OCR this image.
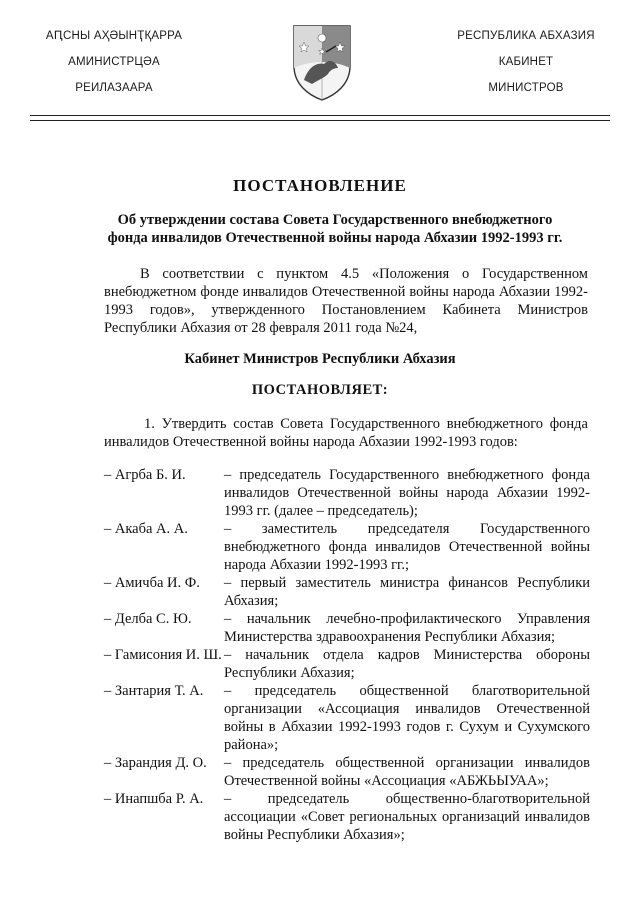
АԤСНЫ АҲӘЫНҬҚАРРА
АМИНИСТРЦӘА
РЕИЛАЗААРА
РЕСПУБЛИКА АБХАЗИЯ
КАБИНЕТ
МИНИСТРОВ
ПОСТАНОВЛЕНИЕ
Об утверждении состава Совета Государственного внебюджетного
фонда инвалидов Отечественной войны народа Абхазии 1992-1993 гг.
В соответствии с пунктом 4.5 «Положения о Государственном внебюджетном фонде инвалидов Отечественной войны народа Абхазии 1992-1993 годов», утвержденного Постановлением Кабинета Министров Республики Абхазия от 28 февраля 2011 года №24,
Кабинет Министров Республики Абхазия
ПОСТАНОВЛЯЕТ:
1. Утвердить состав Совета Государственного внебюджетного фонда инвалидов Отечественной войны народа Абхазии 1992-1993 годов:
– Агрба Б. И.	– председатель Государственного внебюджетного фонда инвалидов Отечественной войны народа Абхазии 1992-1993 гг. (далее – председатель);
– Акаба А. А.	– заместитель председателя Государственного внебюджетного фонда инвалидов Отечественной войны народа Абхазии 1992-1993 гг.;
– Амичба И. Ф.	– первый заместитель министра финансов Республики Абхазия;
– Делба С. Ю.	– начальник лечебно-профилактического Управления Министерства здравоохранения Республики Абхазия;
– Гамисония И. Ш. – начальник отдела кадров Министерства обороны Республики Абхазия;
– Зантария Т. А.	– председатель общественной благотворительной организации «Ассоциация инвалидов Отечественной войны в Абхазии 1992-1993 годов г. Сухум и Сухумского района»;
– Зарандия Д. О.	– председатель общественной организации инвалидов Отечественной войны «Ассоциация «АБЖЬЫУАА»;
– Инапшба Р. А.	– председатель общественно-благотворительной ассоциации «Совет региональных организаций инвалидов войны Республики Абхазия»;
